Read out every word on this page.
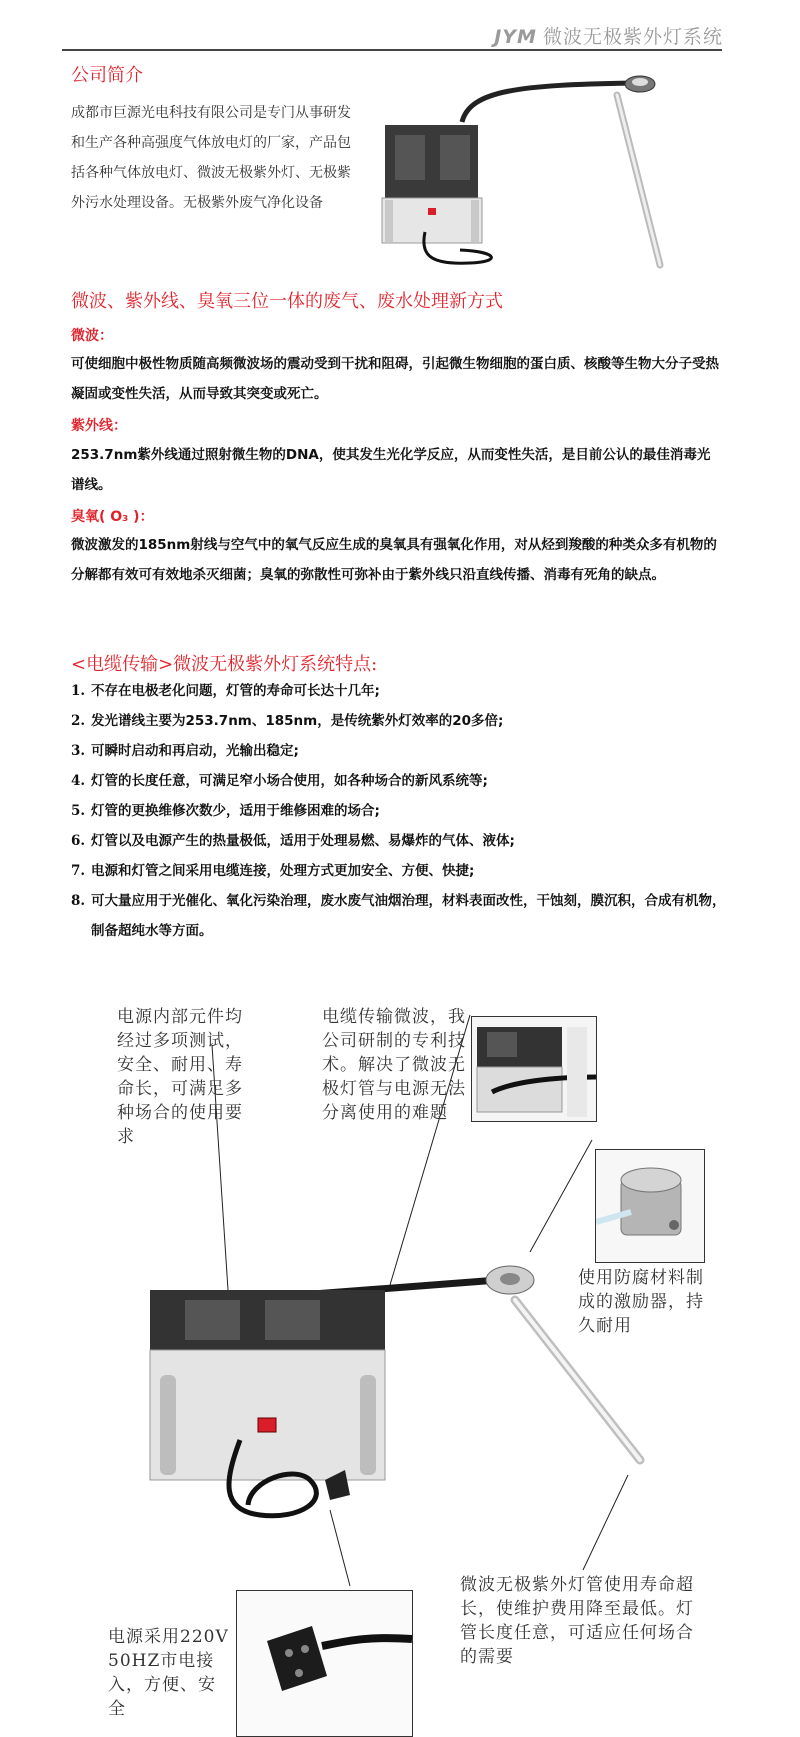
JYM 微波无极紫外灯系统
公司简介
成都市巨源光电科技有限公司是专门从事研发和生产各种高强度气体放电灯的厂家，产品包括各种气体放电灯、微波无极紫外灯、无极紫外污水处理设备。无极紫外废气净化设备
微波、紫外线、臭氧三位一体的废气、废水处理新方式
微波：
可使细胞中极性物质随高频微波场的震动受到干扰和阻碍，引起微生物细胞的蛋白质、核酸等生物大分子受热凝固或变性失活，从而导致其突变或死亡。
紫外线：
253.7nm紫外线通过照射微生物的DNA，使其发生光化学反应，从而变性失活，是目前公认的最佳消毒光谱线。
臭氧( O₃ )：
微波激发的185nm射线与空气中的氧气反应生成的臭氧具有强氧化作用，对从烃到羧酸的种类众多有机物的分解都有效可有效地杀灭细菌；臭氧的弥散性可弥补由于紫外线只沿直线传播、消毒有死角的缺点。
<电缆传输>微波无极紫外灯系统特点:
1. 不存在电极老化问题，灯管的寿命可长达十几年;
2. 发光谱线主要为253.7nm、185nm，是传统紫外灯效率的20多倍;
3. 可瞬时启动和再启动，光输出稳定;
4. 灯管的长度任意，可满足窄小场合使用，如各种场合的新风系统等;
5. 灯管的更换维修次数少，适用于维修困难的场合;
6. 灯管以及电源产生的热量极低，适用于处理易燃、易爆炸的气体、液体;
7. 电源和灯管之间采用电缆连接，处理方式更加安全、方便、快捷;
8. 可大量应用于光催化、氧化污染治理，废水废气油烟治理，材料表面改性，干蚀刻，膜沉积，合成有机物，制备超纯水等方面。
电源内部元件均经过多项测试，安全、耐用、寿命长，可满足多种场合的使用要求
电缆传输微波，我公司研制的专利技术。解决了微波无极灯管与电源无法分离使用的难题
使用防腐材料制成的激励器，持久耐用
微波无极紫外灯管使用寿命超长，使维护费用降至最低。灯管长度任意，可适应任何场合的需要
电源采用220V 50HZ市电接入，方便、安全
